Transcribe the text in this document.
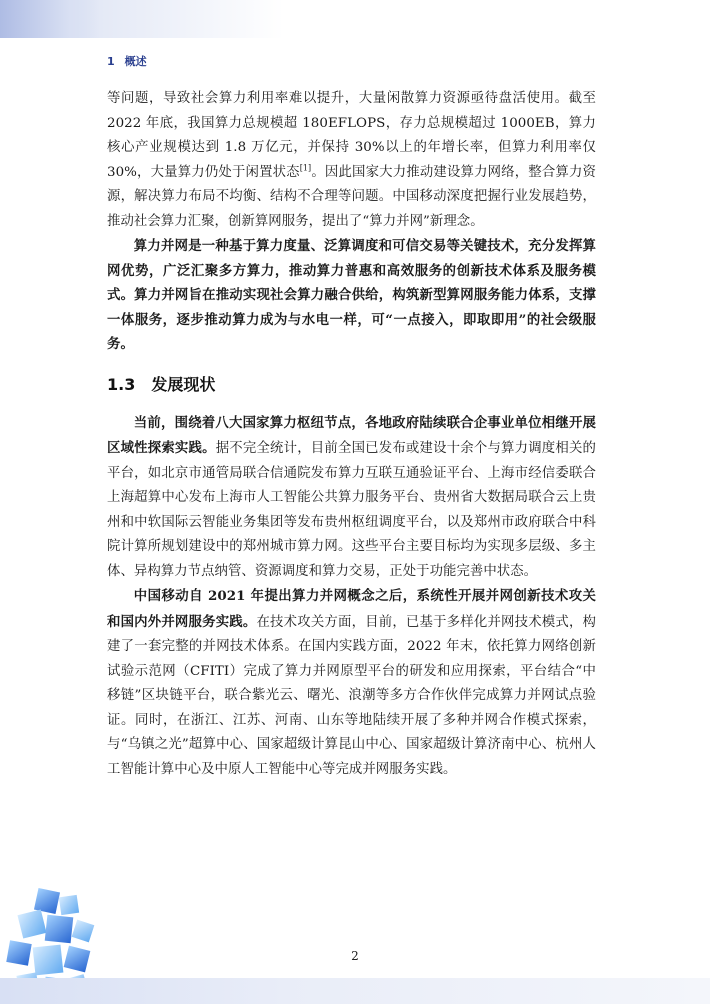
1 概述

等问题，导致社会算力利用率难以提升，大量闲散算力资源亟待盘活使用。截至 2022 年底，我国算力总规模超 180EFLOPS，存力总规模超过 1000EB，算力核心产业规模达到 1.8 万亿元，并保持 30%以上的年增长率，但算力利用率仅 30%，大量算力仍处于闲置状态[1]。因此国家大力推动建设算力网络，整合算力资源，解决算力布局不均衡、结构不合理等问题。中国移动深度把握行业发展趋势，推动社会算力汇聚，创新算网服务，提出了“算力并网”新理念。

算力并网是一种基于算力度量、泛算调度和可信交易等关键技术，充分发挥算网优势，广泛汇聚多方算力，推动算力普惠和高效服务的创新技术体系及服务模式。算力并网旨在推动实现社会算力融合供给，构筑新型算网服务能力体系，支撑一体服务，逐步推动算力成为与水电一样，可“一点接入，即取即用”的社会级服务。

1.3 发展现状

当前，围绕着八大国家算力枢纽节点，各地政府陆续联合企事业单位相继开展区域性探索实践。据不完全统计，目前全国已发布或建设十余个与算力调度相关的平台，如北京市通管局联合信通院发布算力互联互通验证平台、上海市经信委联合上海超算中心发布上海市人工智能公共算力服务平台、贵州省大数据局联合云上贵州和中软国际云智能业务集团等发布贵州枢纽调度平台，以及郑州市政府联合中科院计算所规划建设中的郑州城市算力网。这些平台主要目标均为实现多层级、多主体、异构算力节点纳管、资源调度和算力交易，正处于功能完善中状态。

中国移动自 2021 年提出算力并网概念之后，系统性开展并网创新技术攻关和国内外并网服务实践。在技术攻关方面，目前，已基于多样化并网技术模式，构建了一套完整的并网技术体系。在国内实践方面，2022 年末，依托算力网络创新试验示范网（CFITI）完成了算力并网原型平台的研发和应用探索，平台结合“中移链”区块链平台，联合紫光云、曙光、浪潮等多方合作伙伴完成算力并网试点验证。同时，在浙江、江苏、河南、山东等地陆续开展了多种并网合作模式探索，与“乌镇之光”超算中心、国家超级计算昆山中心、国家超级计算济南中心、杭州人工智能计算中心及中原人工智能中心等完成并网服务实践。

2
